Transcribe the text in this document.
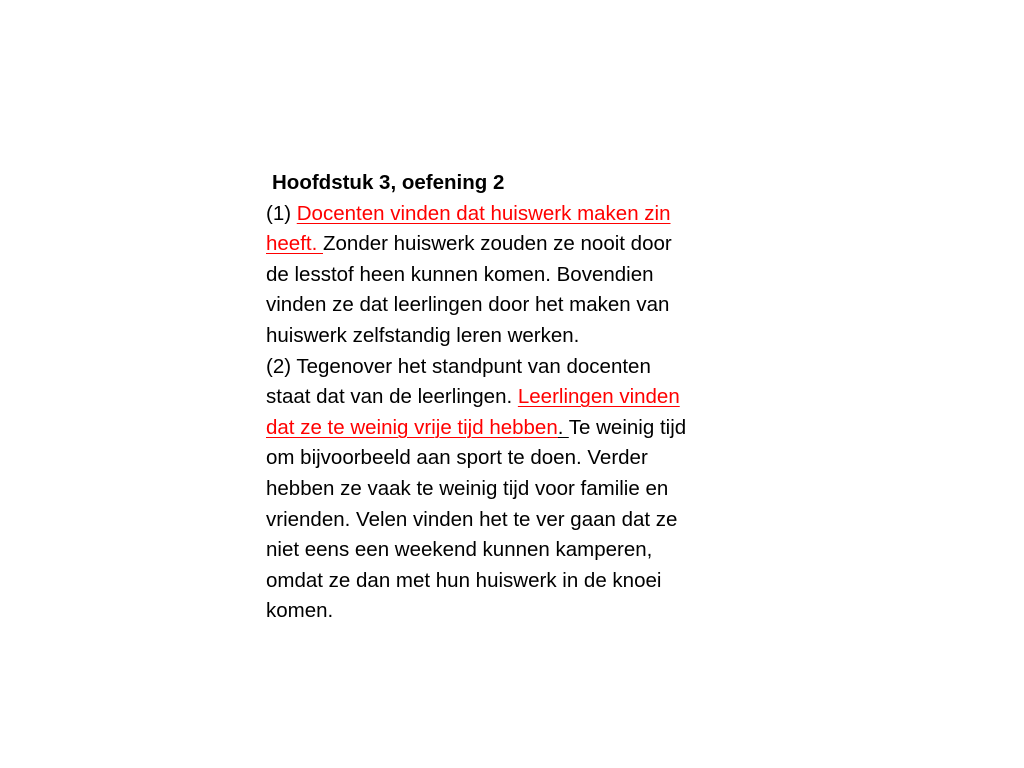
Hoofdstuk 3, oefening 2
(1) Docenten vinden dat huiswerk maken zin
heeft. Zonder huiswerk zouden ze nooit door
de lesstof heen kunnen komen. Bovendien
vinden ze dat leerlingen door het maken van
huiswerk zelfstandig leren werken.
(2) Tegenover het standpunt van docenten
staat dat van de leerlingen. Leerlingen vinden
dat ze te weinig vrije tijd hebben. Te weinig tijd
om bijvoorbeeld aan sport te doen. Verder
hebben ze vaak te weinig tijd voor familie en
vrienden. Velen vinden het te ver gaan dat ze
niet eens een weekend kunnen kamperen,
omdat ze dan met hun huiswerk in de knoei
komen.
